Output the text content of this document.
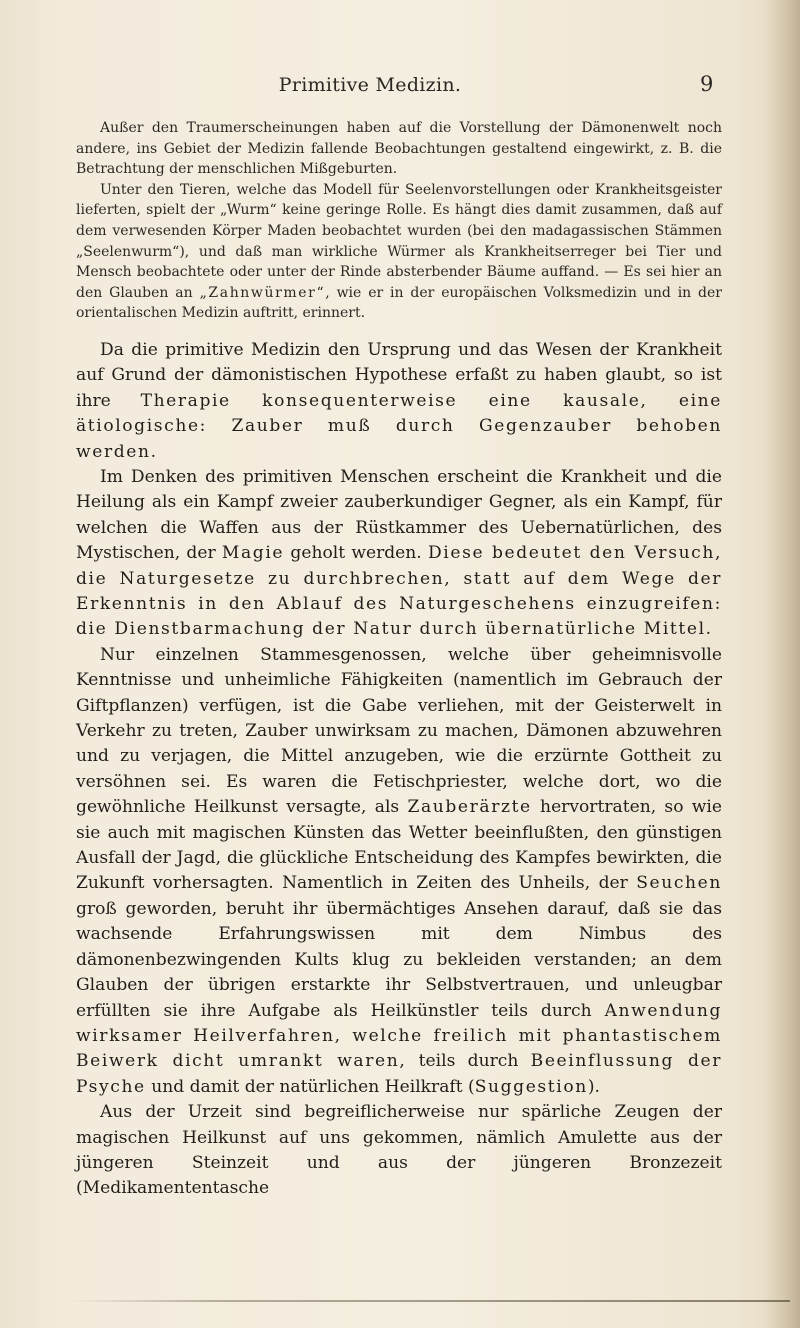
Primitive Medizin.	9

Außer den Traumerscheinungen haben auf die Vorstellung der Dämonenwelt noch andere, ins Gebiet der Medizin fallende Beobachtungen gestaltend eingewirkt, z. B. die Betrachtung der menschlichen Mißgeburten.

Unter den Tieren, welche das Modell für Seelenvorstellungen oder Krankheitsgeister lieferten, spielt der „Wurm“ keine geringe Rolle. Es hängt dies damit zusammen, daß auf dem verwesenden Körper Maden beobachtet wurden (bei den madagassischen Stämmen „Seelenwurm“), und daß man wirkliche Würmer als Krankheitserreger bei Tier und Mensch beobachtete oder unter der Rinde absterbender Bäume auffand. — Es sei hier an den Glauben an „Zahnwürmer“, wie er in der europäischen Volksmedizin und in der orientalischen Medizin auftritt, erinnert.

Da die primitive Medizin den Ursprung und das Wesen der Krankheit auf Grund der dämonistischen Hypothese erfaßt zu haben glaubt, so ist ihre Therapie konsequenterweise eine kausale, eine ätiologische: Zauber muß durch Gegenzauber behoben werden.

Im Denken des primitiven Menschen erscheint die Krankheit und die Heilung als ein Kampf zweier zauberkundiger Gegner, als ein Kampf, für welchen die Waffen aus der Rüstkammer des Uebernatürlichen, des Mystischen, der Magie geholt werden. Diese bedeutet den Versuch, die Naturgesetze zu durchbrechen, statt auf dem Wege der Erkenntnis in den Ablauf des Naturgeschehens einzugreifen: die Dienstbarmachung der Natur durch übernatürliche Mittel.

Nur einzelnen Stammesgenossen, welche über geheimnisvolle Kenntnisse und unheimliche Fähigkeiten (namentlich im Gebrauch der Giftpflanzen) verfügen, ist die Gabe verliehen, mit der Geisterwelt in Verkehr zu treten, Zauber unwirksam zu machen, Dämonen abzuwehren und zu verjagen, die Mittel anzugeben, wie die erzürnte Gottheit zu versöhnen sei. Es waren die Fetischpriester, welche dort, wo die gewöhnliche Heilkunst versagte, als Zauberärzte hervortraten, so wie sie auch mit magischen Künsten das Wetter beeinflußten, den günstigen Ausfall der Jagd, die glückliche Entscheidung des Kampfes bewirkten, die Zukunft vorhersagten. Namentlich in Zeiten des Unheils, der Seuchen groß geworden, beruht ihr übermächtiges Ansehen darauf, daß sie das wachsende Erfahrungswissen mit dem Nimbus des dämonenbezwingenden Kults klug zu bekleiden verstanden; an dem Glauben der übrigen erstarkte ihr Selbstvertrauen, und unleugbar erfüllten sie ihre Aufgabe als Heilkünstler teils durch Anwendung wirksamer Heilverfahren, welche freilich mit phantastischem Beiwerk dicht umrankt waren, teils durch Beeinflussung der Psyche und damit der natürlichen Heilkraft (Suggestion).

Aus der Urzeit sind begreiflicherweise nur spärliche Zeugen der magischen Heilkunst auf uns gekommen, nämlich Amulette aus der jüngeren Steinzeit und aus der jüngeren Bronzezeit (Medikamententasche
